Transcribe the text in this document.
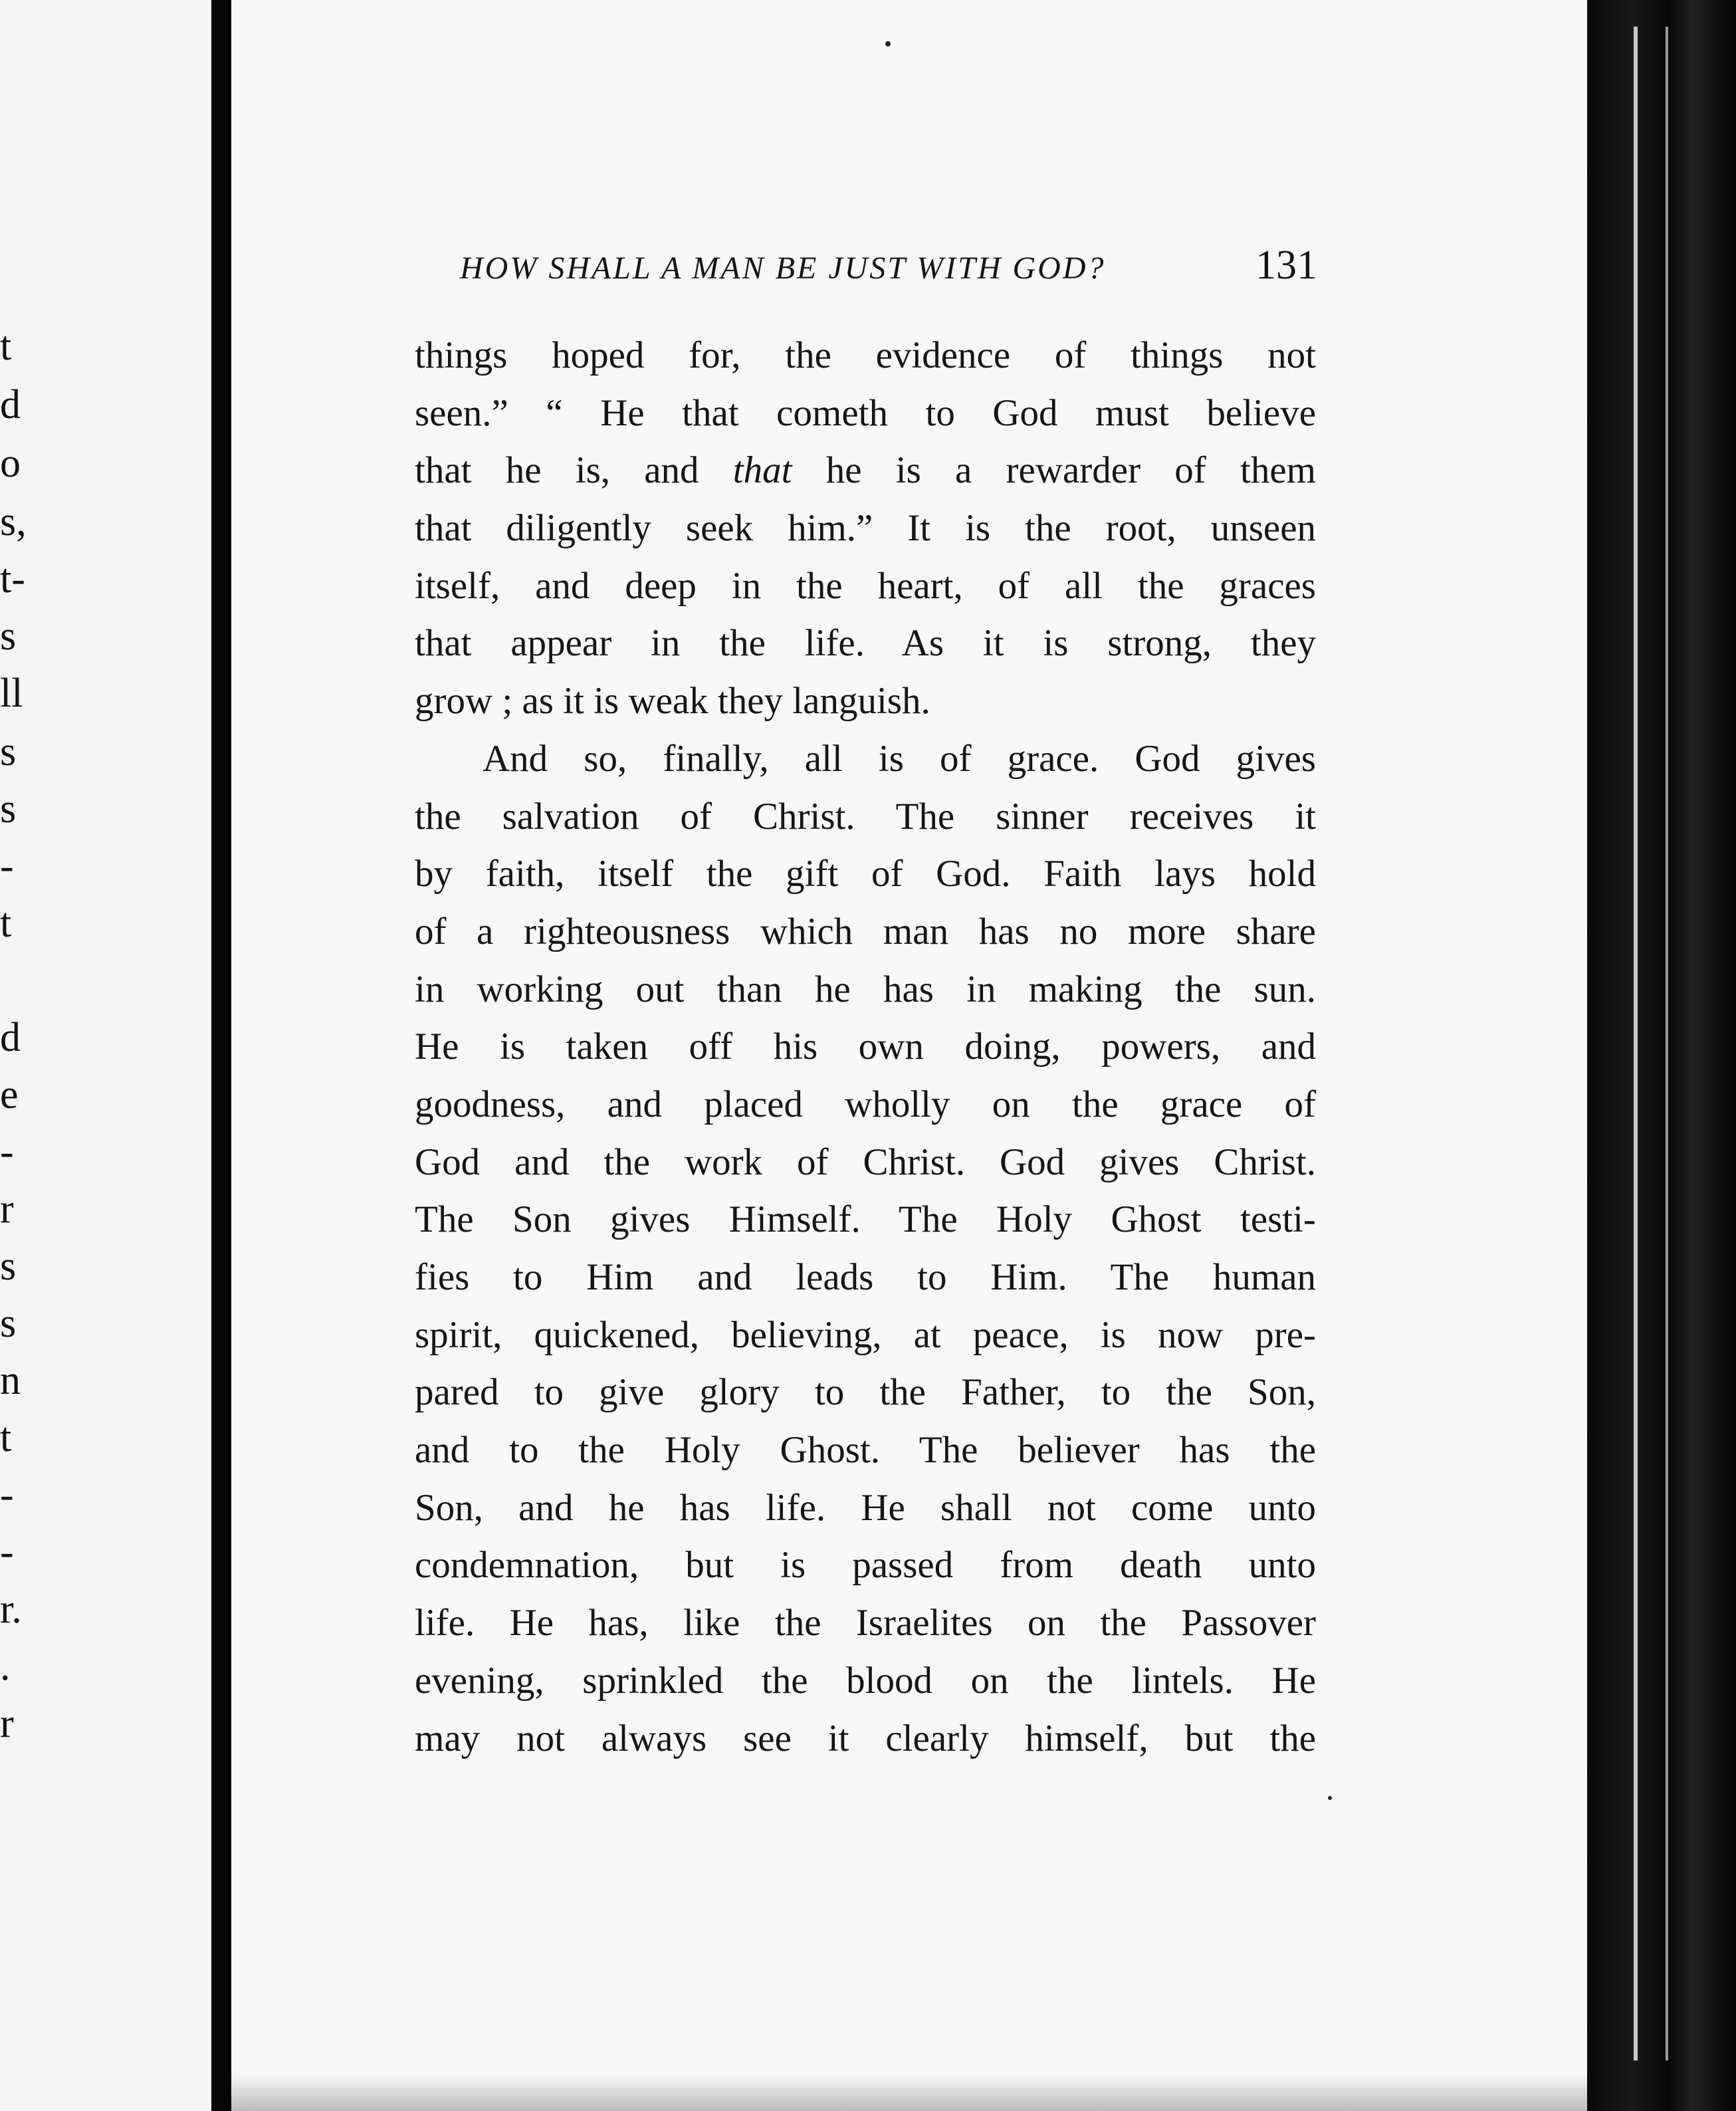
t
d
o
s,
t-
s
ll
s
s
-
t
d
e
-
r
s
s
n
t
-
-
r.
.
r
HOW SHALL A MAN BE JUST WITH GOD?	131
things hoped for, the evidence of things not
seen.” “ He that cometh to God must believe
that he is, and that he is a rewarder of them
that diligently seek him.” It is the root, unseen
itself, and deep in the heart, of all the graces
that appear in the life. As it is strong, they
grow ; as it is weak they languish.
And so, finally, all is of grace. God gives
the salvation of Christ. The sinner receives it
by faith, itself the gift of God. Faith lays hold
of a righteousness which man has no more share
in working out than he has in making the sun.
He is taken off his own doing, powers, and
goodness, and placed wholly on the grace of
God and the work of Christ. God gives Christ.
The Son gives Himself. The Holy Ghost testi-
fies to Him and leads to Him. The human
spirit, quickened, believing, at peace, is now pre-
pared to give glory to the Father, to the Son,
and to the Holy Ghost. The believer has the
Son, and he has life. He shall not come unto
condemnation, but is passed from death unto
life. He has, like the Israelites on the Passover
evening, sprinkled the blood on the lintels. He
may not always see it clearly himself, but the
